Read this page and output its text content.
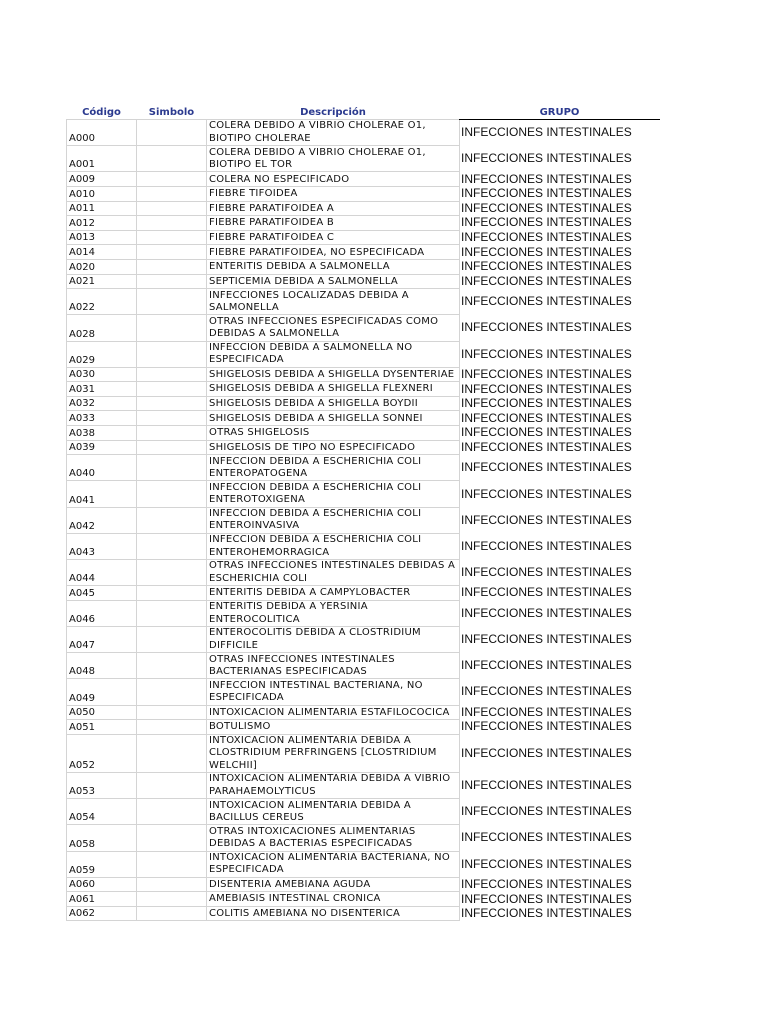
Código	Simbolo	Descripción	GRUPO
A000		COLERA DEBIDO A VIBRIO CHOLERAE O1,
BIOTIPO CHOLERAE	INFECCIONES INTESTINALES
A001		COLERA DEBIDO A VIBRIO CHOLERAE O1,
BIOTIPO EL TOR	INFECCIONES INTESTINALES
A009		COLERA NO ESPECIFICADO	INFECCIONES INTESTINALES
A010		FIEBRE TIFOIDEA	INFECCIONES INTESTINALES
A011		FIEBRE PARATIFOIDEA A	INFECCIONES INTESTINALES
A012		FIEBRE PARATIFOIDEA B	INFECCIONES INTESTINALES
A013		FIEBRE PARATIFOIDEA C	INFECCIONES INTESTINALES
A014		FIEBRE PARATIFOIDEA, NO ESPECIFICADA	INFECCIONES INTESTINALES
A020		ENTERITIS DEBIDA A SALMONELLA	INFECCIONES INTESTINALES
A021		SEPTICEMIA DEBIDA A SALMONELLA	INFECCIONES INTESTINALES
A022		INFECCIONES LOCALIZADAS DEBIDA A
SALMONELLA	INFECCIONES INTESTINALES
A028		OTRAS INFECCIONES ESPECIFICADAS COMO
DEBIDAS A SALMONELLA	INFECCIONES INTESTINALES
A029		INFECCIÓN DEBIDA A SALMONELLA NO
ESPECIFICADA	INFECCIONES INTESTINALES
A030		SHIGELOSIS DEBIDA A SHIGELLA DYSENTERIAE	INFECCIONES INTESTINALES
A031		SHIGELOSIS DEBIDA A SHIGELLA FLEXNERI	INFECCIONES INTESTINALES
A032		SHIGELOSIS DEBIDA A SHIGELLA BOYDII	INFECCIONES INTESTINALES
A033		SHIGELOSIS DEBIDA A SHIGELLA SONNEI	INFECCIONES INTESTINALES
A038		OTRAS SHIGELOSIS	INFECCIONES INTESTINALES
A039		SHIGELOSIS DE TIPO NO ESPECIFICADO	INFECCIONES INTESTINALES
A040		INFECCION DEBIDA A ESCHERICHIA COLI
ENTEROPATOGENA	INFECCIONES INTESTINALES
A041		INFECCION DEBIDA A ESCHERICHIA COLI
ENTEROTOXIGENA	INFECCIONES INTESTINALES
A042		INFECCION DEBIDA A ESCHERICHIA COLI
ENTEROINVASIVA	INFECCIONES INTESTINALES
A043		INFECCION DEBIDA A ESCHERICHIA COLI
ENTEROHEMORRAGICA	INFECCIONES INTESTINALES
A044		OTRAS INFECCIONES INTESTINALES DEBIDAS A
ESCHERICHIA COLI	INFECCIONES INTESTINALES
A045		ENTERITIS DEBIDA A CAMPYLOBACTER	INFECCIONES INTESTINALES
A046		ENTERITIS DEBIDA A YERSINIA
ENTEROCOLITICA	INFECCIONES INTESTINALES
A047		ENTEROCOLITIS DEBIDA A CLOSTRIDIUM
DIFFICILE	INFECCIONES INTESTINALES
A048		OTRAS INFECCIONES INTESTINALES
BACTERIANAS ESPECIFICADAS	INFECCIONES INTESTINALES
A049		INFECCION INTESTINAL BACTERIANA, NO
ESPECIFICADA	INFECCIONES INTESTINALES
A050		INTOXICACION ALIMENTARIA ESTAFILOCOCICA	INFECCIONES INTESTINALES
A051		BOTULISMO	INFECCIONES INTESTINALES
A052		INTOXICACION ALIMENTARIA DEBIDA A
CLOSTRIDIUM PERFRINGENS [CLOSTRIDIUM
WELCHII]	INFECCIONES INTESTINALES
A053		INTOXICACION ALIMENTARIA DEBIDA A VIBRIO
PARAHAEMOLYTICUS	INFECCIONES INTESTINALES
A054		INTOXICACION ALIMENTARIA DEBIDA A
BACILLUS CEREUS	INFECCIONES INTESTINALES
A058		OTRAS INTOXICACIONES ALIMENTARIAS
DEBIDAS A BACTERIAS ESPECIFICADAS	INFECCIONES INTESTINALES
A059		INTOXICACION ALIMENTARIA BACTERIANA, NO
ESPECIFICADA	INFECCIONES INTESTINALES
A060		DISENTERIA AMEBIANA AGUDA	INFECCIONES INTESTINALES
A061		AMEBIASIS INTESTINAL CRONICA	INFECCIONES INTESTINALES
A062		COLITIS AMEBIANA NO DISENTERICA	INFECCIONES INTESTINALES
